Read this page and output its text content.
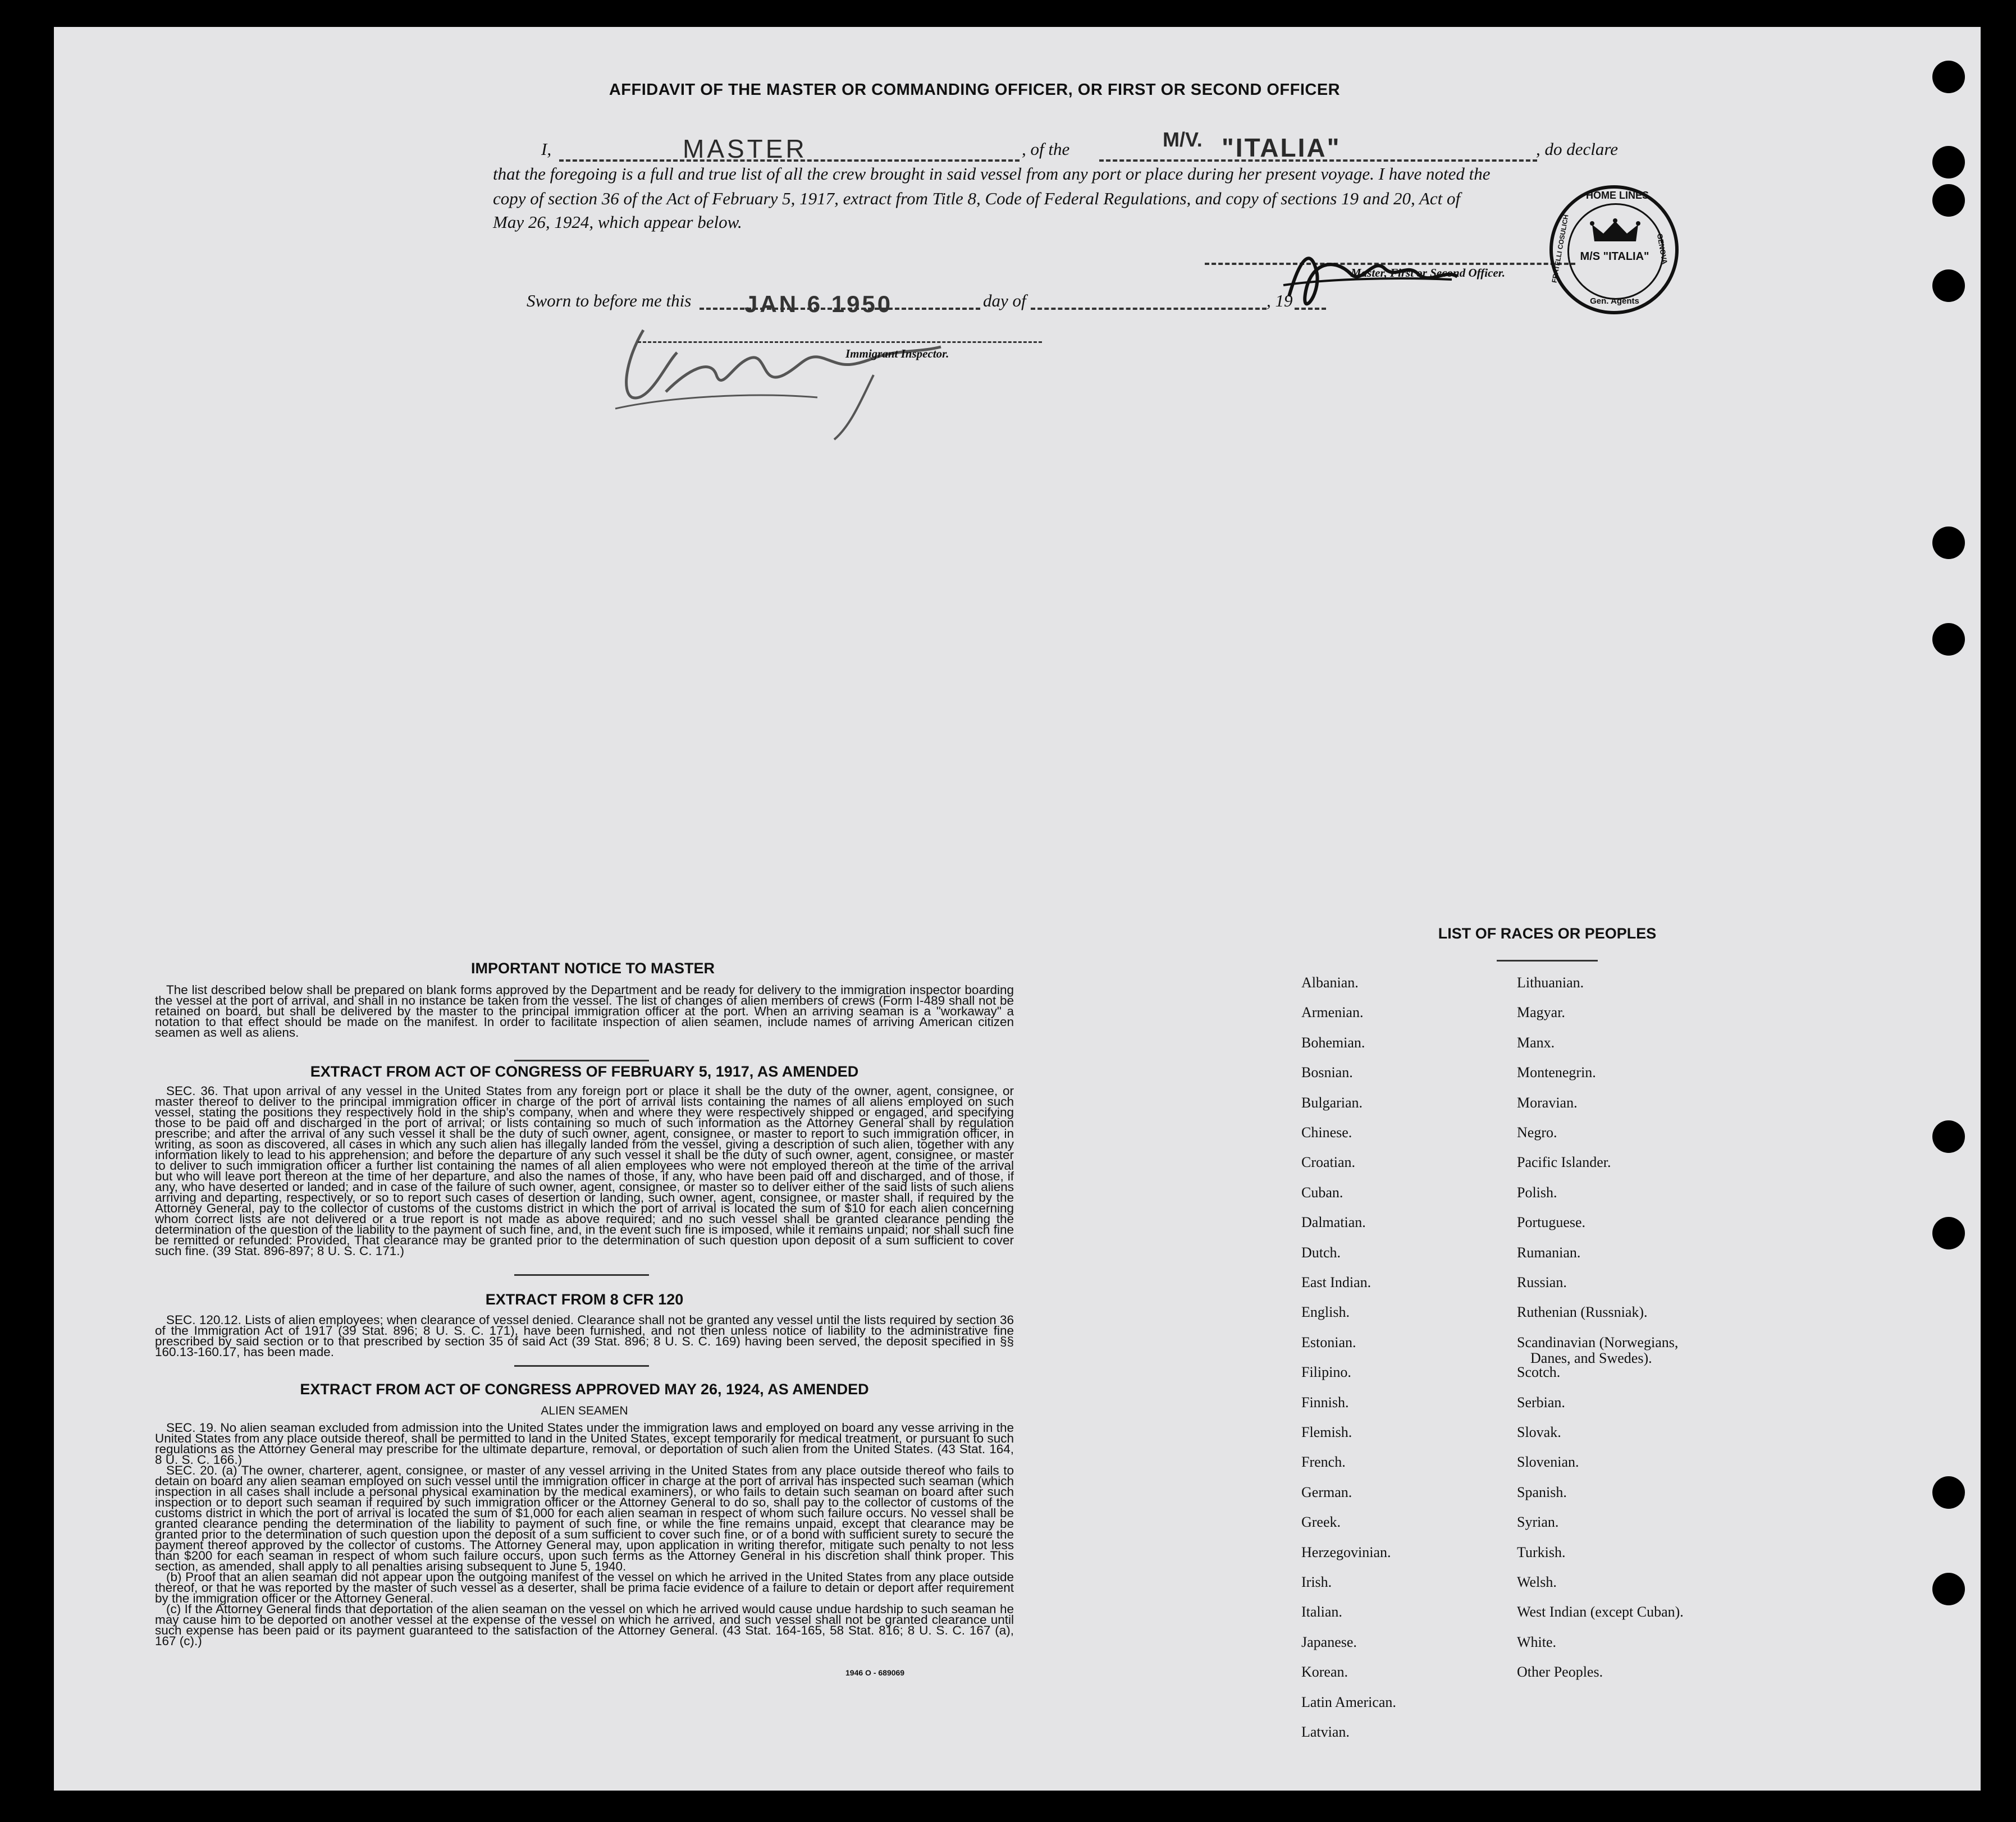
AFFIDAVIT OF THE MASTER OR COMMANDING OFFICER, OR FIRST OR SECOND OFFICER
I,	MASTER	, of the	M/V. "ITALIA"	, do declare
that the foregoing is a full and true list of all the crew brought in said vessel from any port or place during her present voyage. I have noted the
copy of section 36 of the Act of February 5, 1917, extract from Title 8, Code of Federal Regulations, and copy of sections 19 and 20, Act of
May 26, 1924, which appear below.
Master, First or Second Officer.
HOME LINES
Gen. Agents
FRATELLI COSULICH	GENOVA
M/S "ITALIA"
Sworn to before me this JAN 6 1950	day of	, 19
Immigrant Inspector.
IMPORTANT NOTICE TO MASTER

The list described below shall be prepared on blank forms approved by the Department and be ready for delivery to the immigration inspector boarding the vessel at the port of arrival, and shall in no instance be taken from the vessel. The list of changes of alien members of crews (Form I-489 shall not be retained on board, but shall be delivered by the master to the principal immigration officer at the port. When an arriving seaman is a "workaway" a notation to that effect should be made on the manifest. In order to facilitate inspection of alien seamen, include names of arriving American citizen seamen as well as aliens.

EXTRACT FROM ACT OF CONGRESS OF FEBRUARY 5, 1917, AS AMENDED

SEC. 36. That upon arrival of any vessel in the United States from any foreign port or place it shall be the duty of the owner, agent, consignee, or master thereof to deliver to the principal immigration officer in charge of the port of arrival lists containing the names of all aliens employed on such vessel, stating the positions they respectively hold in the ship's company, when and where they were respectively shipped or engaged, and specifying those to be paid off and discharged in the port of arrival; or lists containing so much of such information as the Attorney General shall by regulation prescribe; and after the arrival of any such vessel it shall be the duty of such owner, agent, consignee, or master to report to such immigration officer, in writing, as soon as discovered, all cases in which any such alien has illegally landed from the vessel, giving a description of such alien, together with any information likely to lead to his apprehension; and before the departure of any such vessel it shall be the duty of such owner, agent, consignee, or master to deliver to such immigration officer a further list containing the names of all alien employees who were not employed thereon at the time of the arrival but who will leave port thereon at the time of her departure, and also the names of those, if any, who have been paid off and discharged, and of those, if any, who have deserted or landed; and in case of the failure of such owner, agent, consignee, or master so to deliver either of the said lists of such aliens arriving and departing, respectively, or so to report such cases of desertion or landing, such owner, agent, consignee, or master shall, if required by the Attorney General, pay to the collector of customs of the customs district in which the port of arrival is located the sum of $10 for each alien concerning whom correct lists are not delivered or a true report is not made as above required; and no such vessel shall be granted clearance pending the determination of the question of the liability to the payment of such fine, and, in the event such fine is imposed, while it remains unpaid; nor shall such fine be remitted or refunded: Provided, That clearance may be granted prior to the determination of such question upon deposit of a sum sufficient to cover such fine. (39 Stat. 896-897; 8 U. S. C. 171.)

EXTRACT FROM 8 CFR 120

SEC. 120.12. Lists of alien employees; when clearance of vessel denied. Clearance shall not be granted any vessel until the lists required by section 36 of the Immigration Act of 1917 (39 Stat. 896; 8 U. S. C. 171), have been furnished, and not then unless notice of liability to the administrative fine prescribed by said section or to that prescribed by section 35 of said Act (39 Stat. 896; 8 U. S. C. 169) having been served, the deposit specified in §§ 160.13-160.17, has been made.

EXTRACT FROM ACT OF CONGRESS APPROVED MAY 26, 1924, AS AMENDED
ALIEN SEAMEN

SEC. 19. No alien seaman excluded from admission into the United States under the immigration laws and employed on board any vesse arriving in the United States from any place outside thereof, shall be permitted to land in the United States, except temporarily for medical treatment, or pursuant to such regulations as the Attorney General may prescribe for the ultimate departure, removal, or deportation of such alien from the United States. (43 Stat. 164, 8 U. S. C. 166.)

SEC. 20. (a) The owner, charterer, agent, consignee, or master of any vessel arriving in the United States from any place outside thereof who fails to detain on board any alien seaman employed on such vessel until the immigration officer in charge at the port of arrival has inspected such seaman (which inspection in all cases shall include a personal physical examination by the medical examiners), or who fails to detain such seaman on board after such inspection or to deport such seaman if required by such immigration officer or the Attorney General to do so, shall pay to the collector of customs of the customs district in which the port of arrival is located the sum of $1,000 for each alien seaman in respect of whom such failure occurs. No vessel shall be granted clearance pending the determination of the liability to payment of such fine, or while the fine remains unpaid, except that clearance may be granted prior to the determination of such question upon the deposit of a sum sufficient to cover such fine, or of a bond with sufficient surety to secure the payment thereof approved by the collector of customs. The Attorney General may, upon application in writing therefor, mitigate such penalty to not less than $200 for each seaman in respect of whom such failure occurs, upon such terms as the Attorney General in his discretion shall think proper. This section, as amended, shall apply to all penalties arising subsequent to June 5, 1940.

(b) Proof that an alien seaman did not appear upon the outgoing manifest of the vessel on which he arrived in the United States from any place outside thereof, or that he was reported by the master of such vessel as a deserter, shall be prima facie evidence of a failure to detain or deport after requirement by the immigration officer or the Attorney General.

(c) If the Attorney General finds that deportation of the alien seaman on the vessel on which he arrived would cause undue hardship to such seaman he may cause him to be deported on another vessel at the expense of the vessel on which he arrived, and such vessel shall not be granted clearance until such expense has been paid or its payment guaranteed to the satisfaction of the Attorney General. (43 Stat. 164-165, 58 Stat. 816; 8 U. S. C. 167 (a), 167 (c).)

1946 O - 689069
LIST OF RACES OR PEOPLES
Albanian.
Armenian.
Bohemian.
Bosnian.
Bulgarian.
Chinese.
Croatian.
Cuban.
Dalmatian.
Dutch.
East Indian.
English.
Estonian.
Filipino.
Finnish.
Flemish.
French.
German.
Greek.
Herzegovinian.
Irish.
Italian.
Japanese.
Korean.
Latin American.
Latvian.
Lithuanian.
Magyar.
Manx.
Montenegrin.
Moravian.
Negro.
Pacific Islander.
Polish.
Portuguese.
Rumanian.
Russian.
Ruthenian (Russniak).
Scandinavian (Norwegians,
Danes, and Swedes).
Scotch.
Serbian.
Slovak.
Slovenian.
Spanish.
Syrian.
Turkish.
Welsh.
West Indian (except Cuban).
White.
Other Peoples.
